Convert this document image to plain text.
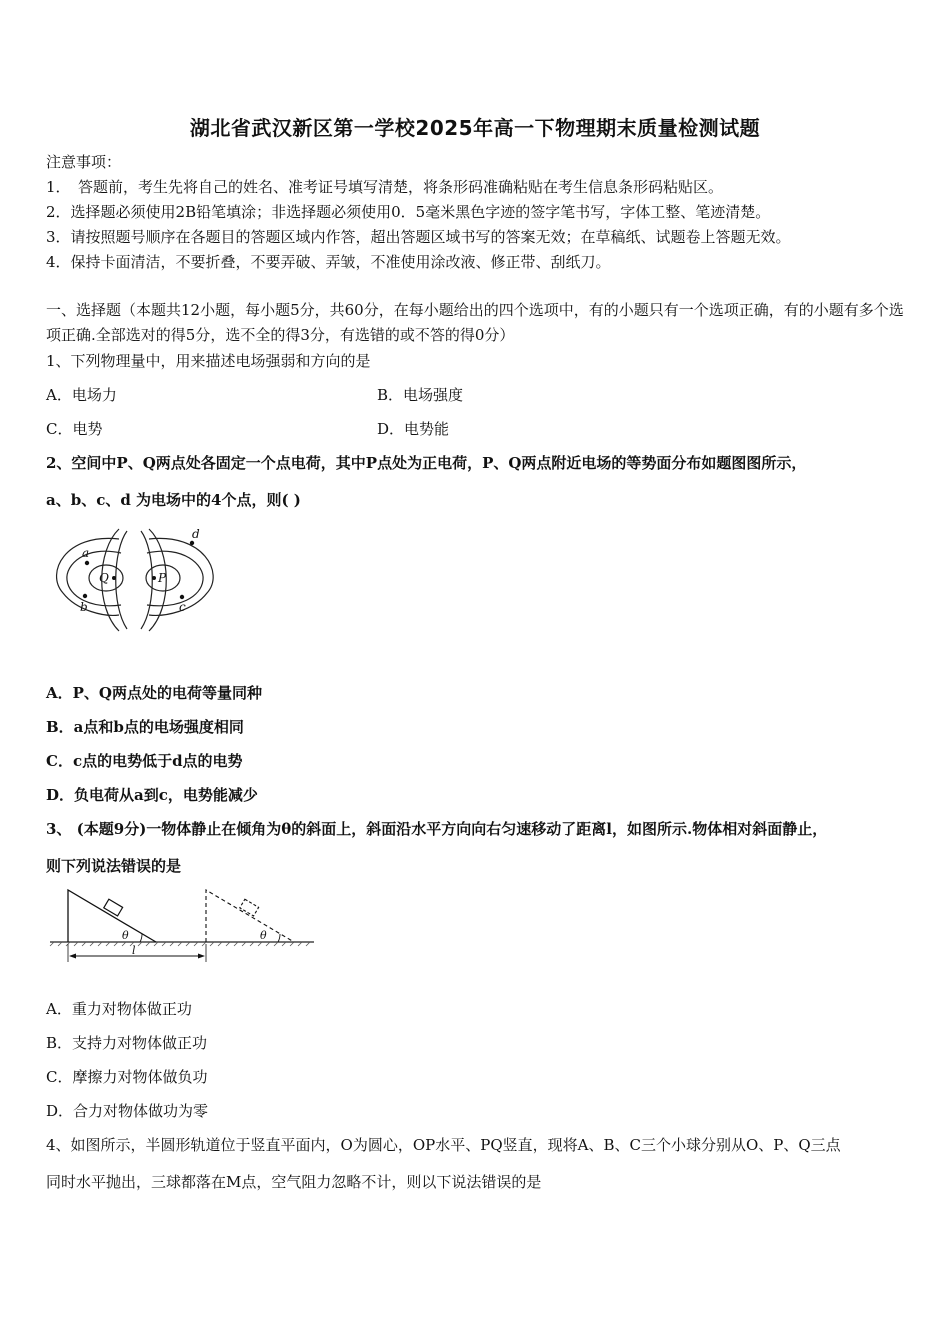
湖北省武汉新区第一学校2025年高一下物理期末质量检测试题
注意事项：
1．　答题前，考生先将自己的姓名、准考证号填写清楚，将条形码准确粘贴在考生信息条形码粘贴区。
2．选择题必须使用2B铅笔填涂；非选择题必须使用0．5毫米黑色字迹的签字笔书写，字体工整、笔迹清楚。
3．请按照题号顺序在各题目的答题区域内作答，超出答题区域书写的答案无效；在草稿纸、试题卷上答题无效。
4．保持卡面清洁，不要折叠，不要弄破、弄皱，不准使用涂改液、修正带、刮纸刀。
一、选择题（本题共12小题，每小题5分，共60分，在每小题给出的四个选项中，有的小题只有一个选项正确，有的小题有多个选项正确.全部选对的得5分，选不全的得3分，有选错的或不答的得0分）
1、下列物理量中，用来描述电场强弱和方向的是
A．电场力	B．电场强度
C．电势	D．电势能
2、空间中P、Q两点处各固定一个点电荷，其中P点处为正电荷，P、Q两点附近电场的等势面分布如题图图所示，
a、b、c、d 为电场中的4个点，则( )
a
b	c
d
Q	P
A．P、Q两点处的电荷等量同种
B．a点和b点的电场强度相同
C．c点的电势低于d点的电势
D．负电荷从a到c，电势能减少
3、 (本题9分)一物体静止在倾角为θ的斜面上，斜面沿水平方向向右匀速移动了距离l，如图所示.物体相对斜面静止，
则下列说法错误的是
θ	θ
l
A．重力对物体做正功
B．支持力对物体做正功
C．摩擦力对物体做负功
D．合力对物体做功为零
4、如图所示，半圆形轨道位于竖直平面内，O为圆心，OP水平、PQ竖直，现将A、B、C三个小球分别从O、P、Q三点
同时水平抛出，三球都落在M点，空气阻力忽略不计，则以下说法错误的是
